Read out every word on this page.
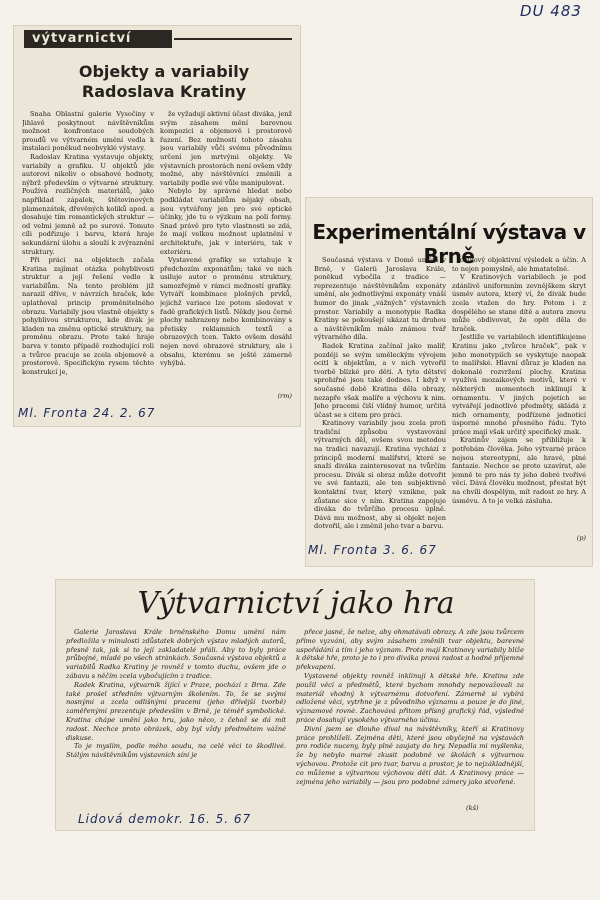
DU 483
výtvarnictví
Objekty a variabily
Radoslava Kratiny

Snaha Oblastní galerie Vysočiny v Jihlavě poskytnout návštěvníkům možnost konfrontace soudobých proudů ve výtvarném umění vedla k instalaci poněkud neobvyklé výstavy.

Radoslav Kratina vystavuje objekty, variabily a grafiku. U objektů jde autorovi nikoliv o obsahové hodnoty, nýbrž především o výtvarné struktury. Používá rozličných materiálů, jako například zápalek, štětovinových plamenzátek, dřevěných koliků apod. a dosahuje tím romantických struktur — od velmi jemně až po surové. Tomuto cíli podřizuje i barvu, která hraje sekundární úlohu a slouží k zvýraznění struktury.

Při práci na objektech začala Kratina zajímat otázka pohyblivosti struktur a její řešení vedlo k variabilům. Na tento problém již narazil dříve, v návrzích hraček, kde uplatňoval princip proměnitelného obrazu. Variabily jsou vlastně objekty s pohyblivou strukturou, kde divák je kladen na změnu optické struktury, na proměnu obrazu. Proto také hraje barva v tomto případě rozhodující roli a tvůrce pracuje se zcela objemově a prostorově. Specifickým rysem těchto konstrukcí je,

že vyžadují aktivní účast diváka, jenž svým zásahem mění barevnou kompozici a objemově i prostorově řazení. Bez možnosti tohoto zásahu jsou variabily vůči svému původnímu určení jen mrtvými objekty. Ve výstavních prostorách není ovšem vždy možné, aby návštěvníci změnili a variabily podle své vůle manipulovat.

Nebylo by správné hledat nebo podkládat variabilům nějaký obsah, jsou vytvářeny jen pro své optické účinky, jde tu o výzkum na poli formy. Snad právě pro tyto vlastnosti se zdá, že mají velkou možnost uplatnění v architektuře, jak v interiéru, tak v exteriéru.

Vystavené grafiky se vztahuje k předchozím exponátům; také ve nich usiluje autor o proměnu struktury, samozřejmě v rámci možností grafiky. Vytváří kombinace plošných prvků, jejichž variace lze potom sledovat v řadě grafických listů. Někdy jsou černé plochy nahrazeny nebo kombinovány s přetisky reklamních textů a obrazových tcen. Takto ovšem dosáhl nejen nové obrazové struktury, ale i obsahu, kterému se ještě zámerně vyhýbá.

(rm)
Ml. Fronta 24. 2. 67
Experimentální výstava v Brně

Současná výstava v Domě umění v Brně, v Galerii Jaroslava Krále, poněkud vybočila z tradice — reprezentuje návštěvníkům exponáty umění, ale jednotlivými exponáty vnáší humor do jinak „vážných“ výstavních prostor. Variabily a monotypie Radka Kratiny se pokoušejí ukázat tu druhou a návštěvníkům málo známou tvář výtvarného díla.

Radek Kratina začínal jako malíř, později se svým uměleckým vývojem ocitl k objektům, a v nich vytvořil tvorbě blízké pro děti. A tyto dětství sprohiřné jsou také dodnes. I když v současné době Kratina děla obrazy, nezapře však malíře a výchovu k nim. Jeho pracemi čiší vlídný humor, určitá účast se s citem pro práci.

Kratinovy variabily jsou zcela proti tradiční způsobu vystavování výtvarných děl, ovšem svou metodou na tradici navazují. Kratina vychází z principů moderní malířství, které se snaží diváka zainteresovat na tvůrčím procesu. Divák si obraz může dotvořit ve své fantazii, ale ten subjektivně kontaktní tvar, který vznikne, pak zůstane sice v ním. Kratina zapojuje diváka do tvůrčího procesu úplně. Dává mu možnost, aby si objekt nejen dotvořil, ale i změnil jeho tvar a barvu.

celkový objektivní výsledek a účin. A to nejen pomyslně, ale hmatatelně.

V Kratinových variabilech je pod zdánlivě uniformním zevnějškem skryt úsměv autora, který ví, že divák bude zcela vtažen do hry. Potom i z dospělého se stane dítě a autora znovu může obdivovat, že opět děla do hraček.

Jestliže ve variabilech identifikujeme Kratinu jako „tvůrce hraček“, pak v jeho monotypiích se vyskytuje naopak to malířské. Hlavní důraz je kladen na dokonalé rozvržení plochy. Kratina využívá mozaikových motivů, které v některých momentech inklinují k ornamentu. V jiných pojetích se vytvářejí jednotlivé předměty, skládá z nich ornamenty, podřízené jednotící úsporné mnohé přesného řádu. Tyto práce mají však určitý specifický znak.

Kratinův zájem se přibližuje k potřebám člověka. Jeho výtvarné práce nejsou stereotypní, ale hravé, plné fantazie. Nechce se proto uzavírat, ale jemně te pro nás ty jeho dobré tvořivé věci. Dává člověku možnost, přestat být na chvíli dospělým, mít radost ze hry. A úsměvu. A to je velká zásluha.

(p)
Ml. Fronta 3. 6. 67
Výtvarnictví jako hra

Galerie Jaroslava Krále brněnského Domu umění nám předložila v minulosti zdůstatek dobrých výstav mladých autorů, přesně tak, jak si to její zakladatelé přáli. Aby to byly práce průbojné, mladé po všech stránkách. Současná výstava objektů a variabilů Radka Kratiny je rovněž v tomto duchu, ovšem jde o zábavu s něčím zcela vybočujícím z tradice.

Radek Kratina, výtvarník žijící v Praze, pochází z Brna. Zde také prošel středním výtvarným školením. To, že se svými nosnými a zcela odlišnými pracemi (jeho dřívější tvorbě) zaměřenými prezentuje především v Brně, je téměř symbolické. Kratina chápe umění jako hru, jako něco, z čehož se dá mít radost. Nechce proto obrázek, aby byl vždy předmětem vážné diskuse.

To je myslím, podle mého soudu, na celé věci to škodlivé. Stálým návštěvníkům výstavních síní je

přece jasné, že nelze, aby ohmatávali obrazy. A zde jsou tvůrcem přímo vyzváni, aby svým zásahem změnili tvar objektu, barevné uspořádání a tím i jeho význam. Proto mají Kratinovy variabily blíže k dětské hře, proto je to i pro diváka pravá radost a hodně příjemné překvapení.

Vystavené objekty rovněž inklinují k dětské hře. Kratina zde použil věcí a předmětů, které bychom mnohdy nepovažovali za materiál vhodný k výtvarnému dotvoření. Zámerně si vybírá odložené věci, vytrhne je z původního významu a pouze je do jiné, významově rovné. Zachovává přitom přísný grafický řád, výsledné práce dosahují vysokého výtvarného účinu.

Divní jsem se dlouho díval na návštěvníky, kteří si Kratinovy práce prohlíželi. Zejména děti, které jsou obyčejně na výstavách pro rodiče nuceny, byly plně zaujaty do hry. Nepadla mi myšlenka, že by nebylo marné zkusit podobně ve školách s výtvarnou výchovou. Protože cit pro tvar, barvu a prostor, je to nejzákladnější, co můžeme s výtvarnou výchovou dětí dát. A Kratinovy práce — zejména jeho variabily — jsou pro podobné zámery jako stvořené.

(kš)
Lidová demokr. 16. 5. 67
